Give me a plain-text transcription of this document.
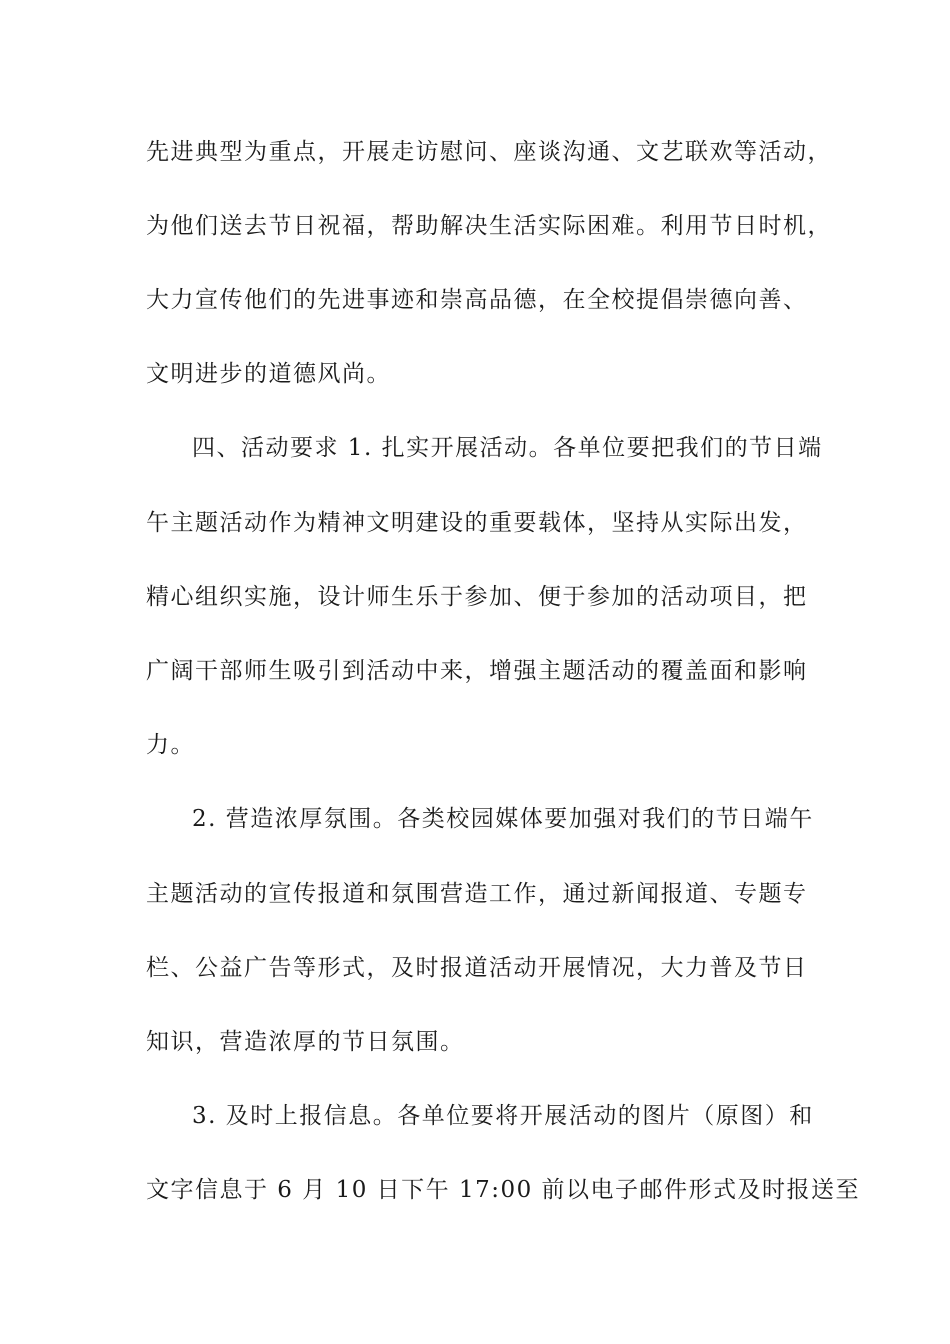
先进典型为重点，开展走访慰问、座谈沟通、文艺联欢等活动，
为他们送去节日祝福，帮助解决生活实际困难。利用节日时机，
大力宣传他们的先进事迹和崇高品德，在全校提倡崇德向善、
文明进步的道德风尚。
四、活动要求 1. 扎实开展活动。各单位要把我们的节日端
午主题活动作为精神文明建设的重要载体，坚持从实际出发，
精心组织实施，设计师生乐于参加、便于参加的活动项目，把
广阔干部师生吸引到活动中来，增强主题活动的覆盖面和影响
力。
2. 营造浓厚氛围。各类校园媒体要加强对我们的节日端午
主题活动的宣传报道和氛围营造工作，通过新闻报道、专题专
栏、公益广告等形式，及时报道活动开展情况，大力普及节日
知识，营造浓厚的节日氛围。
3. 及时上报信息。各单位要将开展活动的图片（原图）和
文字信息于 6 月 10 日下午 17:00 前以电子邮件形式及时报送至
